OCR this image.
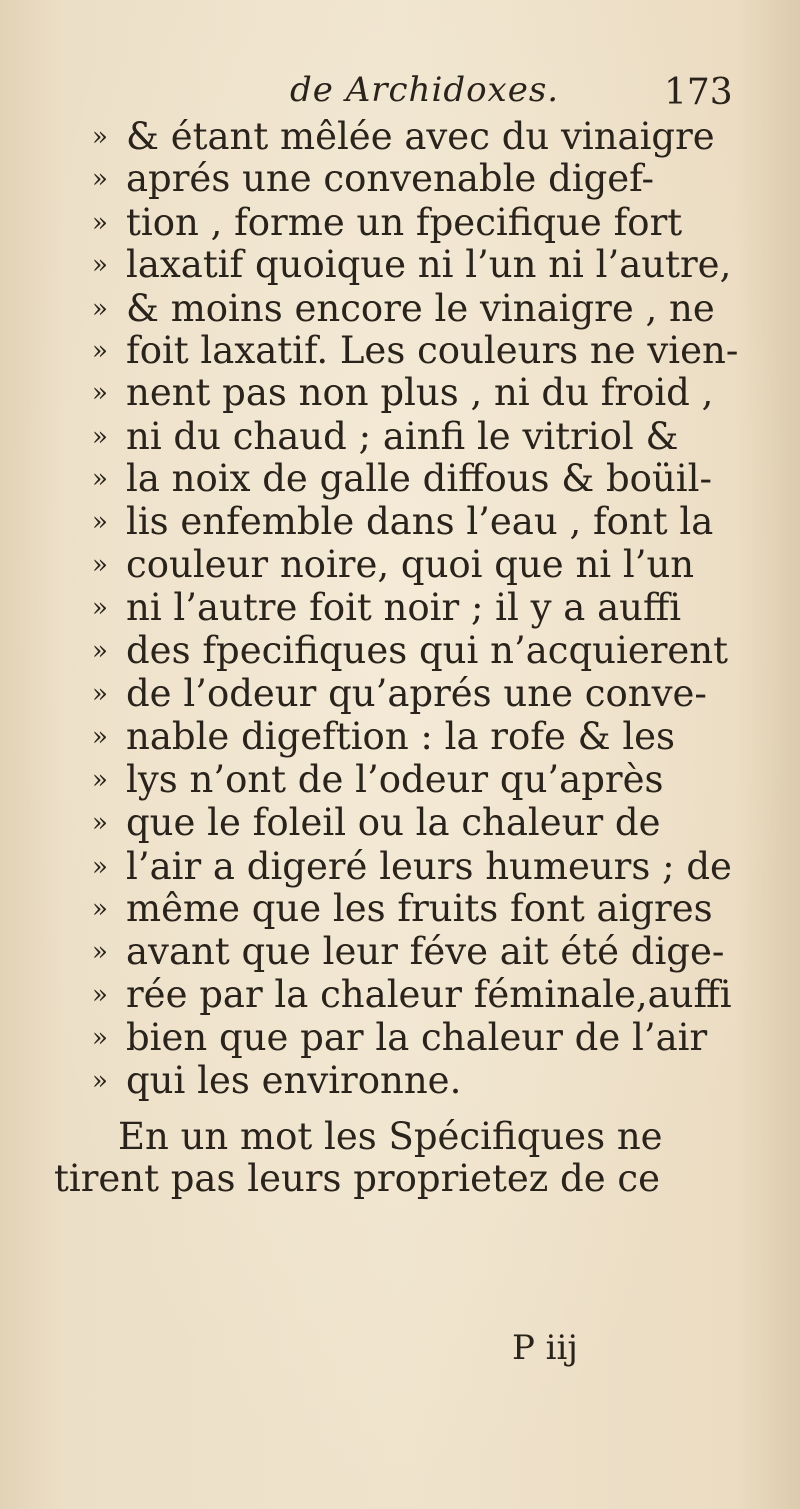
de Archidoxes.	173
» & étant mêlée avec du vinaigre
» aprés une convenable digef-
» tion , forme un fpecifique fort
» laxatif quoique ni l’un ni l’autre,
» & moins encore le vinaigre , ne
» foit laxatif. Les couleurs ne vien-
» nent pas non plus , ni du froid ,
» ni du chaud ; ainfi le vitriol &
» la noix de galle diffous & boüil-
» lis enfemble dans l’eau , font la
» couleur noire, quoi que ni l’un
» ni l’autre foit noir ; il y a auffi
» des fpecifiques qui n’acquierent
» de l’odeur qu’aprés une conve-
» nable digeftion : la rofe & les
» lys n’ont de l’odeur qu’après
» que le foleil ou la chaleur de
» l’air a digeré leurs humeurs ; de
» même que les fruits font aigres
» avant que leur féve ait été dige-
» rée par la chaleur féminale,auffi
» bien que par la chaleur de l’air
» qui les environne.
En un mot les Spécifiques ne
tirent pas leurs proprietez de ce
P iij
